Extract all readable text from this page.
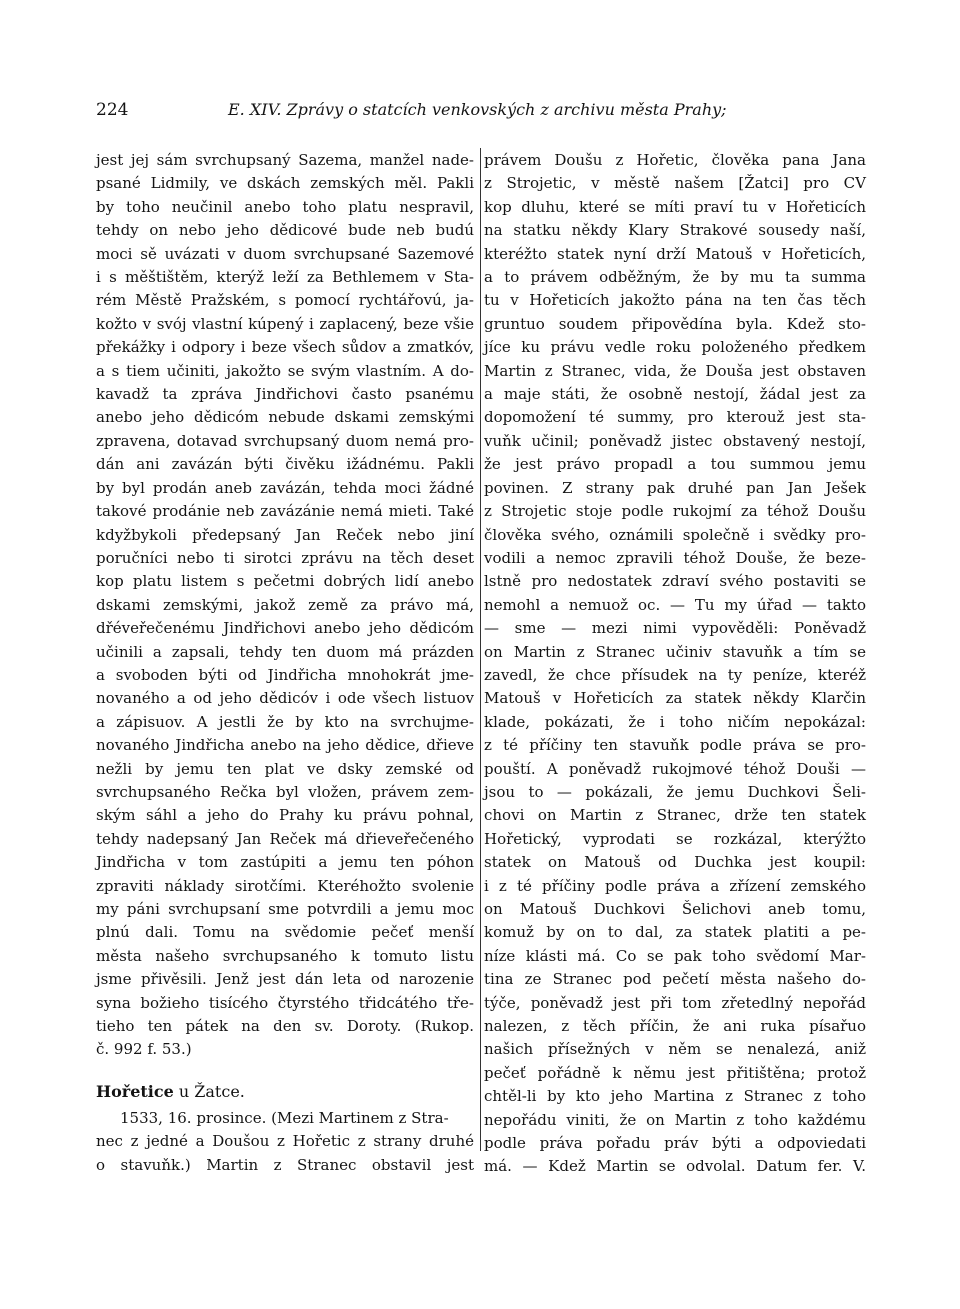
224	E. XIV. Zprávy o statcích venkovských z archivu města Prahy;
jest jej sám svrchupsaný Sazema, manžel nade-
psané Lidmily, ve dskách zemských měl. Pakli
by toho neučinil anebo toho platu nespravil,
tehdy on nebo jeho dědicové bude neb budú
moci sě uvázati v duom svrchupsané Sazemové
i s měštištěm, kterýž leží za Bethlemem v Sta-
rém Městě Pražském, s pomocí rychtářovú, ja-
kožto v svój vlastní kúpený i zaplacený, beze všie
překážky i odpory i beze všech sůdov a zmatkóv,
a s tiem učiniti, jakožto se svým vlastním. A do-
kavadž ta zpráva Jindřichovi často psanému
anebo jeho dědicóm nebude dskami zemskými
zpravena, dotavad svrchupsaný duom nemá pro-
dán ani zavázán býti čivěku ižádnému. Pakli
by byl prodán aneb zavázán, tehda moci žádné
takové prodánie neb zavázánie nemá mieti. Také
kdyžbykoli předepsaný Jan Reček nebo jiní
poručníci nebo ti sirotci zprávu na těch deset
kop platu listem s pečetmi dobrých lidí anebo
dskami zemskými, jakož země za právo má,
dřéveřečenému Jindřichovi anebo jeho dědicóm
učinili a zapsali, tehdy ten duom má prázden
a svoboden býti od Jindřicha mnohokrát jme-
novaného a od jeho dědicóv i ode všech listuov
a zápisuov. A jestli že by kto na svrchujme-
novaného Jindřicha anebo na jeho dědice, dřieve
nežli by jemu ten plat ve dsky zemské od
svrchupsaného Rečka byl vložen, právem zem-
ským sáhl a jeho do Prahy ku právu pohnal,
tehdy nadepsaný Jan Reček má dřieveřečeného
Jindřicha v tom zastúpiti a jemu ten póhon
zpraviti náklady sirotčími. Kteréhožto svolenie
my páni svrchupsaní sme potvrdili a jemu moc
plnú dali. Tomu na svědomie pečeť menší
města našeho svrchupsaného k tomuto listu
jsme přivěsili. Jenž jest dán leta od narozenie
syna božieho tisícého čtyrstého třidcátého tře-
tieho ten pátek na den sv. Doroty. (Rukop.
č. 992 f. 53.)
Hořetice u Žatce.
1533, 16. prosince. (Mezi Martinem z Stra-
nec z jedné a Doušou z Hořetic z strany druhé
o stavuňk.) Martin z Stranec obstavil jest
právem Doušu z Hořetic, člověka pana Jana
z Strojetic, v městě našem [Žatci] pro CV
kop dluhu, které se míti praví tu v Hořeticích
na statku někdy Klary Strakové sousedy naší,
kteréžto statek nyní drží Matouš v Hořeticích,
a to právem odběžným, že by mu ta summa
tu v Hořeticích jakožto pána na ten čas těch
gruntuo soudem připovědína byla. Kdež sto-
jíce ku právu vedle roku položeného předkem
Martin z Stranec, vida, že Douša jest obstaven
a maje státi, že osobně nestojí, žádal jest za
dopomožení té summy, pro kterouž jest sta-
vuňk učinil; poněvadž jistec obstavený nestojí,
že jest právo propadl a tou summou jemu
povinen. Z strany pak druhé pan Jan Ješek
z Strojetic stoje podle rukojmí za téhož Doušu
člověka svého, oznámili společně i svědky pro-
vodili a nemoc zpravili téhož Douše, že beze-
lstně pro nedostatek zdraví svého postaviti se
nemohl a nemuož oc. — Tu my úřad — takto
— sme — mezi nimi vypověděli: Poněvadž
on Martin z Stranec učiniv stavuňk a tím se
zavedl, že chce přísudek na ty peníze, kteréž
Matouš v Hořeticích za statek někdy Klarčin
klade, pokázati, že i toho ničím nepokázal:
z té příčiny ten stavuňk podle práva se pro-
pouští. A poněvadž rukojmové téhož Douši —
jsou to — pokázali, že jemu Duchkovi Šeli-
chovi on Martin z Stranec, drže ten statek
Hořetický, vyprodati se rozkázal, kterýžto
statek on Matouš od Duchka jest koupil:
i z té příčiny podle práva a zřízení zemského
on Matouš Duchkovi Šelichovi aneb tomu,
komuž by on to dal, za statek platiti a pe-
níze klásti má. Co se pak toho svědomí Mar-
tina ze Stranec pod pečetí města našeho do-
týče, poněvadž jest při tom zřetedlný nepořád
nalezen, z těch příčin, že ani ruka písařuo
našich přísežných v něm se nenalezá, aniž
pečeť pořádně k němu jest přitištěna; protož
chtěl-li by kto jeho Martina z Stranec z toho
nepořádu viniti, že on Martin z toho každému
podle práva pořadu práv býti a odpoviedati
má. — Kdež Martin se odvolal. Datum fer. V.
